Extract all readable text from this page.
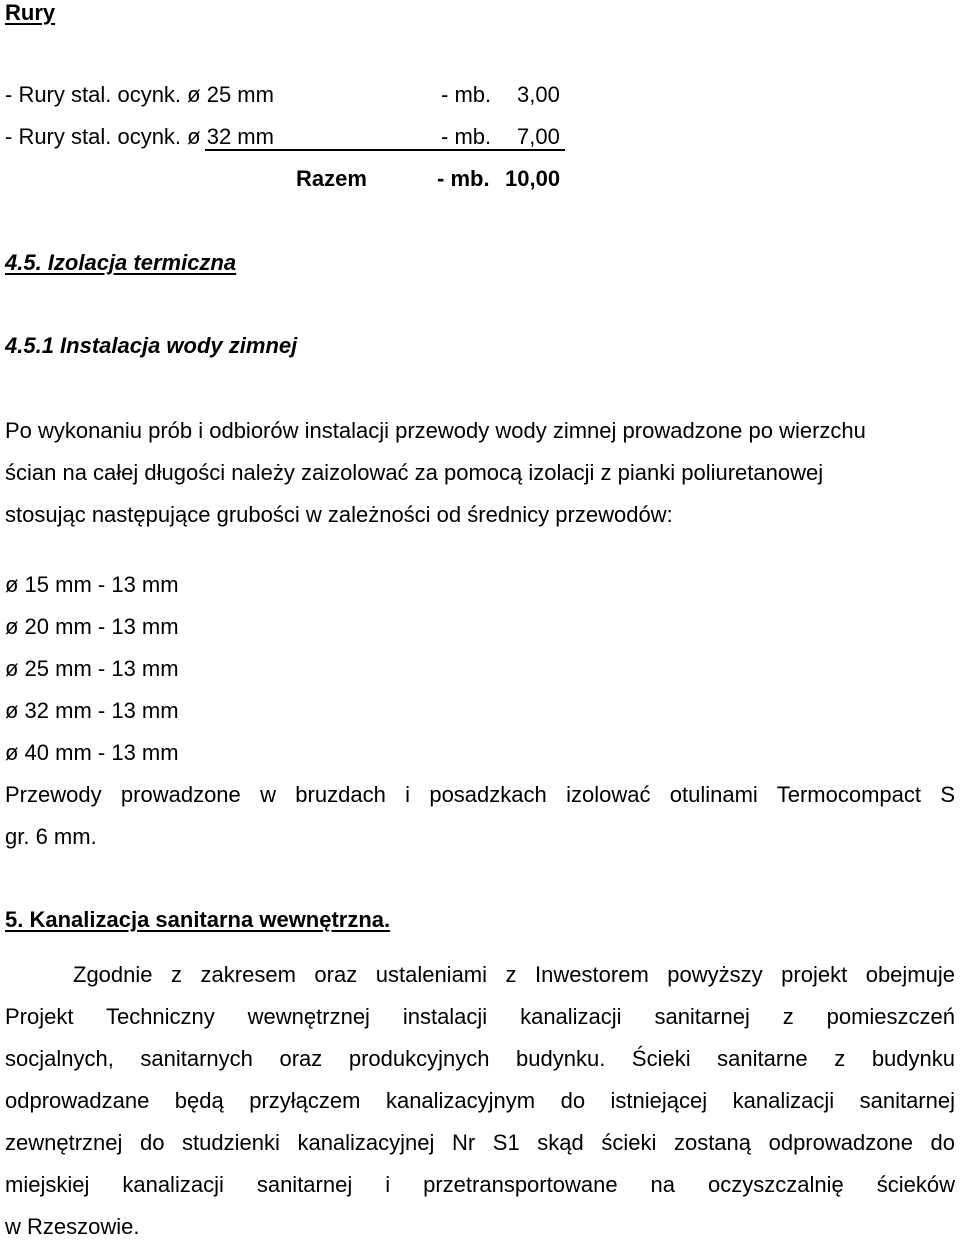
Rury
- Rury stal. ocynk. ø 25 mm	- mb. 3,00
- Rury stal. ocynk. ø 32 mm	- mb. 7,00
Razem	- mb. 10,00
4.5. Izolacja termiczna
4.5.1 Instalacja wody zimnej
Po wykonaniu prób i odbiorów instalacji przewody wody zimnej prowadzone po wierzchu
ścian na całej długości należy zaizolować za pomocą izolacji z pianki poliuretanowej
stosując następujące grubości w zależności od średnicy przewodów:
ø 15 mm - 13 mm
ø 20 mm - 13 mm
ø 25 mm - 13 mm
ø 32 mm - 13 mm
ø 40 mm - 13 mm
Przewody prowadzone w bruzdach i posadzkach izolować otulinami Termocompact S
gr. 6 mm.
5. Kanalizacja sanitarna wewnętrzna.
Zgodnie z zakresem oraz ustaleniami z Inwestorem powyższy projekt obejmuje
Projekt Techniczny wewnętrznej instalacji kanalizacji sanitarnej z pomieszczeń
socjalnych, sanitarnych oraz produkcyjnych budynku. Ścieki sanitarne z budynku
odprowadzane będą przyłączem kanalizacyjnym do istniejącej kanalizacji sanitarnej
zewnętrznej do studzienki kanalizacyjnej Nr S1 skąd ścieki zostaną odprowadzone do
miejskiej kanalizacji sanitarnej i przetransportowane na oczyszczalnię ścieków
w Rzeszowie.
